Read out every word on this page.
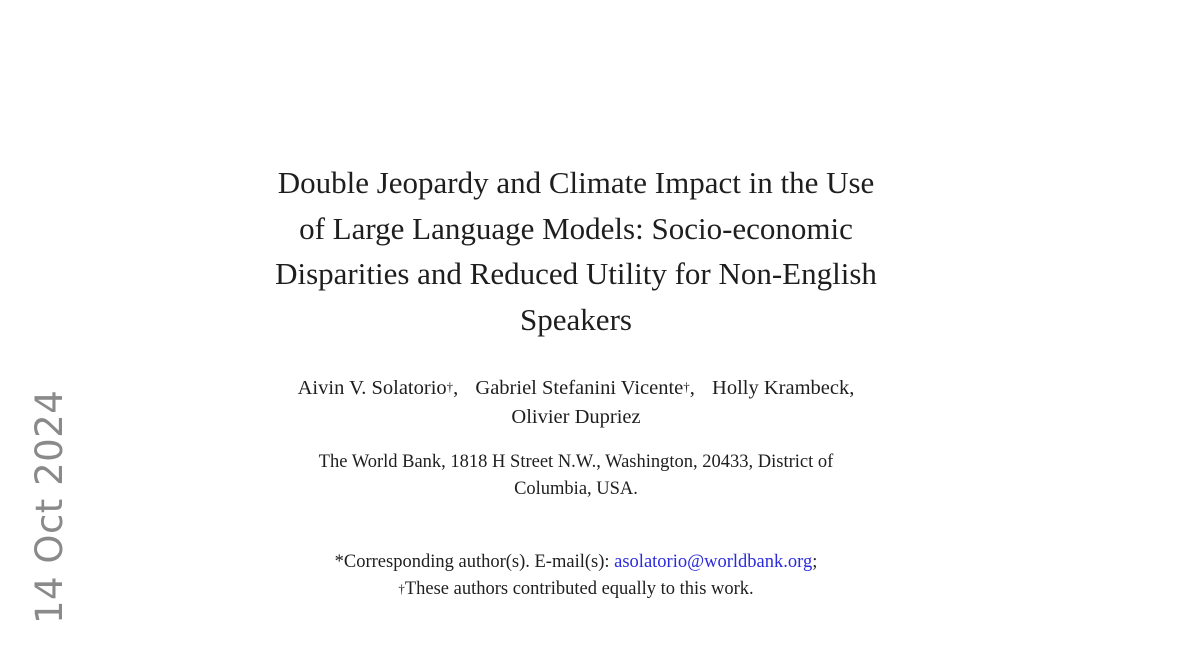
14 Oct 2024
Double Jeopardy and Climate Impact in the Use
of Large Language Models: Socio-economic
Disparities and Reduced Utility for Non-English
Speakers
Aivin V. Solatorio†, Gabriel Stefanini Vicente†, Holly Krambeck,
Olivier Dupriez
The World Bank, 1818 H Street N.W., Washington, 20433, District of
Columbia, USA.
*Corresponding author(s). E-mail(s): asolatorio@worldbank.org;
†These authors contributed equally to this work.
